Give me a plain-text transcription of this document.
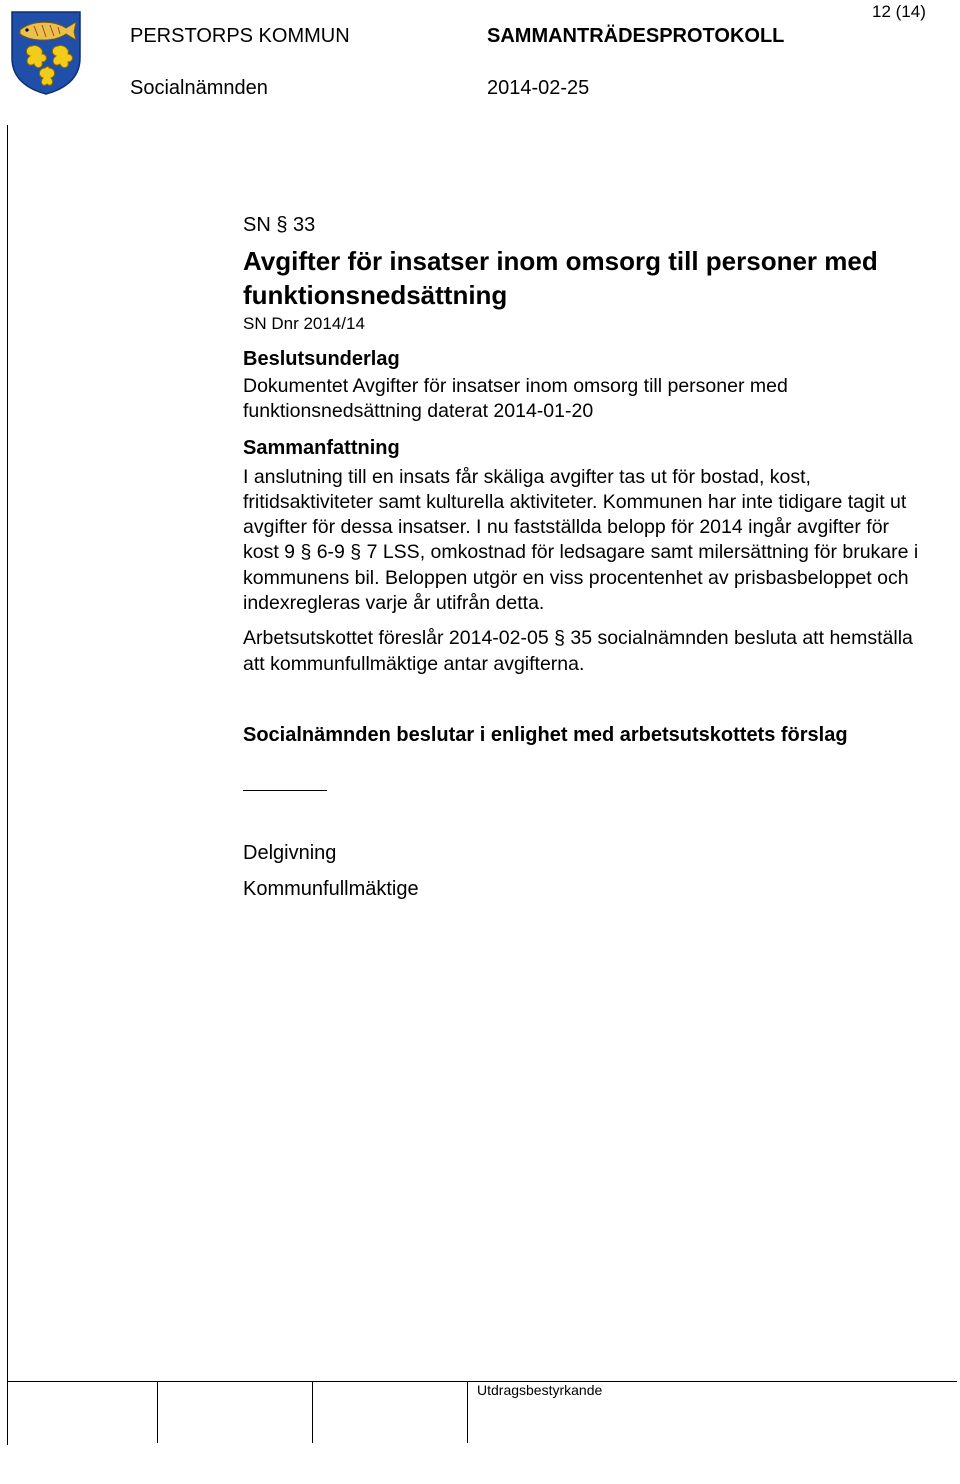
PERSTORPS KOMMUN	SAMMANTRÄDESPROTOKOLL
12 (14)
Socialnämnden	2014-02-25
SN § 33
Avgifter för insatser inom omsorg till personer med funktionsnedsättning
SN Dnr 2014/14
Beslutsunderlag
Dokumentet Avgifter för insatser inom omsorg till personer med funktionsnedsättning daterat 2014-01-20
Sammanfattning
I anslutning till en insats får skäliga avgifter tas ut för bostad, kost, fritidsaktiviteter samt kulturella aktiviteter. Kommunen har inte tidigare tagit ut avgifter för dessa insatser. I nu fastställda belopp för 2014 ingår avgifter för kost 9 § 6-9 § 7 LSS, omkostnad för ledsagare samt milersättning för brukare i kommunens bil. Beloppen utgör en viss procentenhet av prisbasbeloppet och indexregleras varje år utifrån detta.
Arbetsutskottet föreslår 2014-02-05 § 35 socialnämnden besluta att hemställa att kommunfullmäktige antar avgifterna.
Socialnämnden beslutar i enlighet med arbetsutskottets förslag
Delgivning
Kommunfullmäktige
Utdragsbestyrkande
